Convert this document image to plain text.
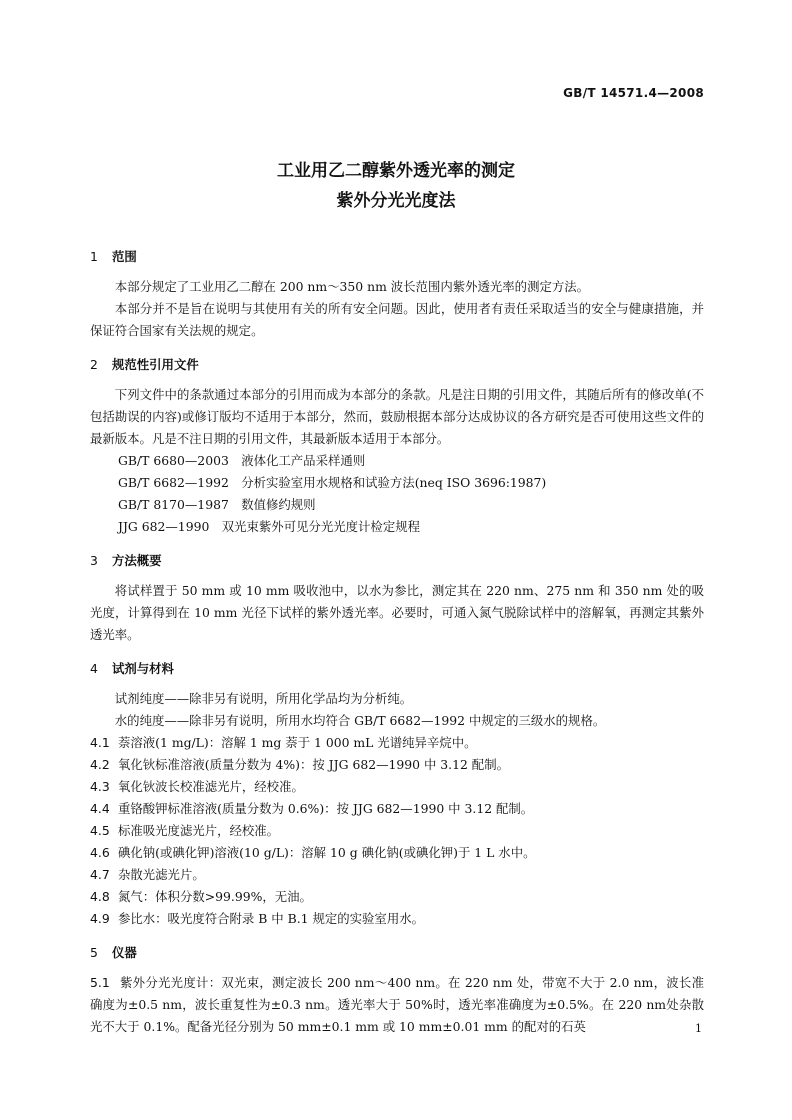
GB/T 14571.4—2008
工业用乙二醇紫外透光率的测定
紫外分光光度法
1 范围

本部分规定了工业用乙二醇在 200 nm～350 nm 波长范围内紫外透光率的测定方法。

本部分并不是旨在说明与其使用有关的所有安全问题。因此，使用者有责任采取适当的安全与健康措施，并保证符合国家有关法规的规定。

2 规范性引用文件

下列文件中的条款通过本部分的引用而成为本部分的条款。凡是注日期的引用文件，其随后所有的修改单(不包括勘误的内容)或修订版均不适用于本部分，然而，鼓励根据本部分达成协议的各方研究是否可使用这些文件的最新版本。凡是不注日期的引用文件，其最新版本适用于本部分。

GB/T 6680—2003　液体化工产品采样通则

GB/T 6682—1992　分析实验室用水规格和试验方法(neq ISO 3696:1987)

GB/T 8170—1987　数值修约规则

JJG 682—1990　双光束紫外可见分光光度计检定规程

3 方法概要

将试样置于 50 mm 或 10 mm 吸收池中，以水为参比，测定其在 220 nm、275 nm 和 350 nm 处的吸光度，计算得到在 10 mm 光径下试样的紫外透光率。必要时，可通入氮气脱除试样中的溶解氧，再测定其紫外透光率。

4 试剂与材料

试剂纯度——除非另有说明，所用化学品均为分析纯。

水的纯度——除非另有说明，所用水均符合 GB/T 6682—1992 中规定的三级水的规格。

4.1 萘溶液(1 mg/L)：溶解 1 mg 萘于 1 000 mL 光谱纯异辛烷中。
4.2 氧化钬标准溶液(质量分数为 4%)：按 JJG 682—1990 中 3.12 配制。
4.3 氧化钬波长校准滤光片，经校准。
4.4 重铬酸钾标准溶液(质量分数为 0.6%)：按 JJG 682—1990 中 3.12 配制。
4.5 标准吸光度滤光片，经校准。
4.6 碘化钠(或碘化钾)溶液(10 g/L)：溶解 10 g 碘化钠(或碘化钾)于 1 L 水中。
4.7 杂散光滤光片。
4.8 氮气：体积分数>99.99%，无油。
4.9 参比水：吸光度符合附录 B 中 B.1 规定的实验室用水。
5 仪器

5.1 紫外分光光度计：双光束，测定波长 200 nm～400 nm。在 220 nm 处，带宽不大于 2.0 nm，波长准确度为±0.5 nm，波长重复性为±0.3 nm。透光率大于 50%时，透光率准确度为±0.5%。在 220 nm处杂散光不大于 0.1%。配备光径分别为 50 mm±0.1 mm 或 10 mm±0.01 mm 的配对的石英	1
